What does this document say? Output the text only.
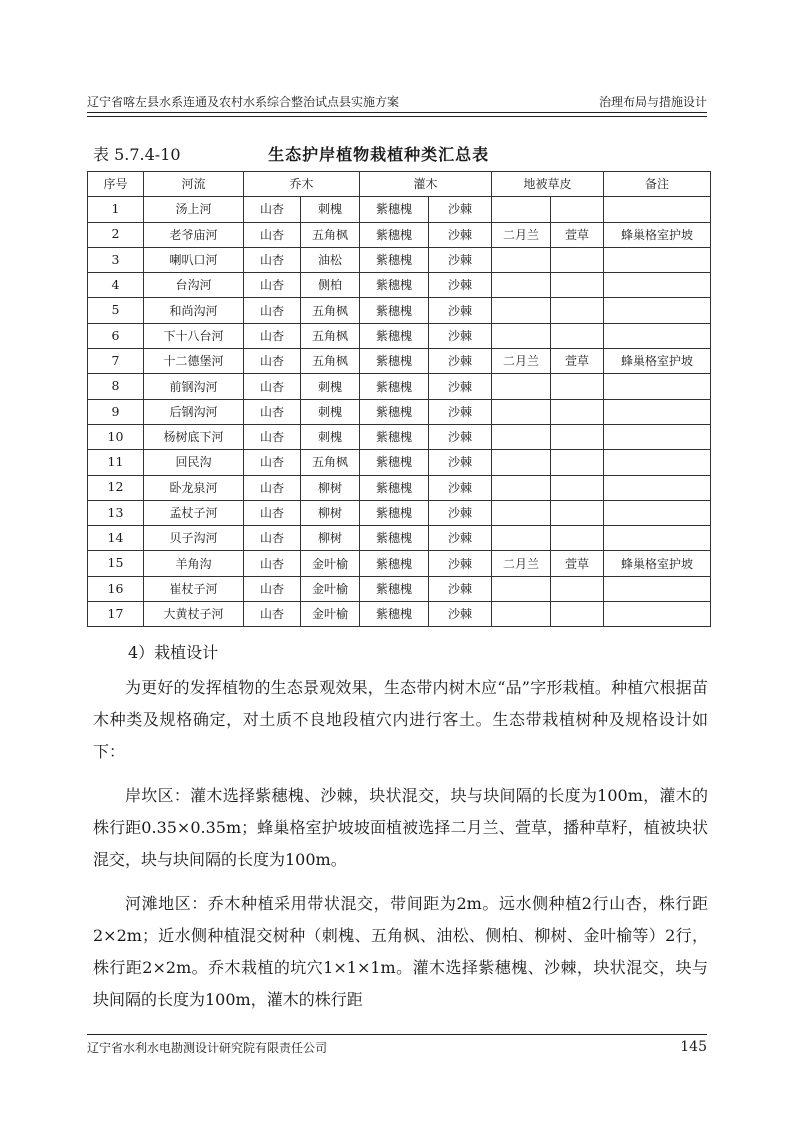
辽宁省喀左县水系连通及农村水系综合整治试点县实施方案	治理布局与措施设计
表 5.7.4-10	生态护岸植物栽植种类汇总表
序号	河流	乔木		灌木		地被草皮		备注
1	汤上河	山杏	刺槐	紫穗槐	沙棘			
2	老爷庙河	山杏	五角枫	紫穗槐	沙棘	二月兰	萱草	蜂巢格室护坡
3	喇叭口河	山杏	油松	紫穗槐	沙棘			
4	台沟河	山杏	侧柏	紫穗槐	沙棘			
5	和尚沟河	山杏	五角枫	紫穗槐	沙棘			
6	下十八台河	山杏	五角枫	紫穗槐	沙棘			
7	十二德堡河	山杏	五角枫	紫穗槐	沙棘	二月兰	萱草	蜂巢格室护坡
8	前钢沟河	山杏	刺槐	紫穗槐	沙棘			
9	后钢沟河	山杏	刺槐	紫穗槐	沙棘			
10	杨树底下河	山杏	刺槐	紫穗槐	沙棘			
11	回民沟	山杏	五角枫	紫穗槐	沙棘			
12	卧龙泉河	山杏	柳树	紫穗槐	沙棘			
13	孟杖子河	山杏	柳树	紫穗槐	沙棘			
14	贝子沟河	山杏	柳树	紫穗槐	沙棘			
15	羊角沟	山杏	金叶榆	紫穗槐	沙棘	二月兰	萱草	蜂巢格室护坡
16	崔杖子河	山杏	金叶榆	紫穗槐	沙棘			
17	大黄杖子河	山杏	金叶榆	紫穗槐	沙棘			
4）栽植设计

为更好的发挥植物的生态景观效果，生态带内树木应“品”字形栽植。种植穴根据苗木种类及规格确定，对土质不良地段植穴内进行客土。生态带栽植树种及规格设计如下：

岸坎区：灌木选择紫穗槐、沙棘，块状混交，块与块间隔的长度为100m，灌木的株行距0.35×0.35m；蜂巢格室护坡坡面植被选择二月兰、萱草，播种草籽，植被块状混交，块与块间隔的长度为100m。

河滩地区：乔木种植采用带状混交，带间距为2m。远水侧种植2行山杏，株行距 2×2m；近水侧种植混交树种（刺槐、五角枫、油松、侧柏、柳树、金叶榆等）2行，株行距2×2m。乔木栽植的坑穴1×1×1m。灌木选择紫穗槐、沙棘，块状混交，块与块间隔的长度为100m，灌木的株行距

辽宁省水利水电勘测设计研究院有限责任公司	145
